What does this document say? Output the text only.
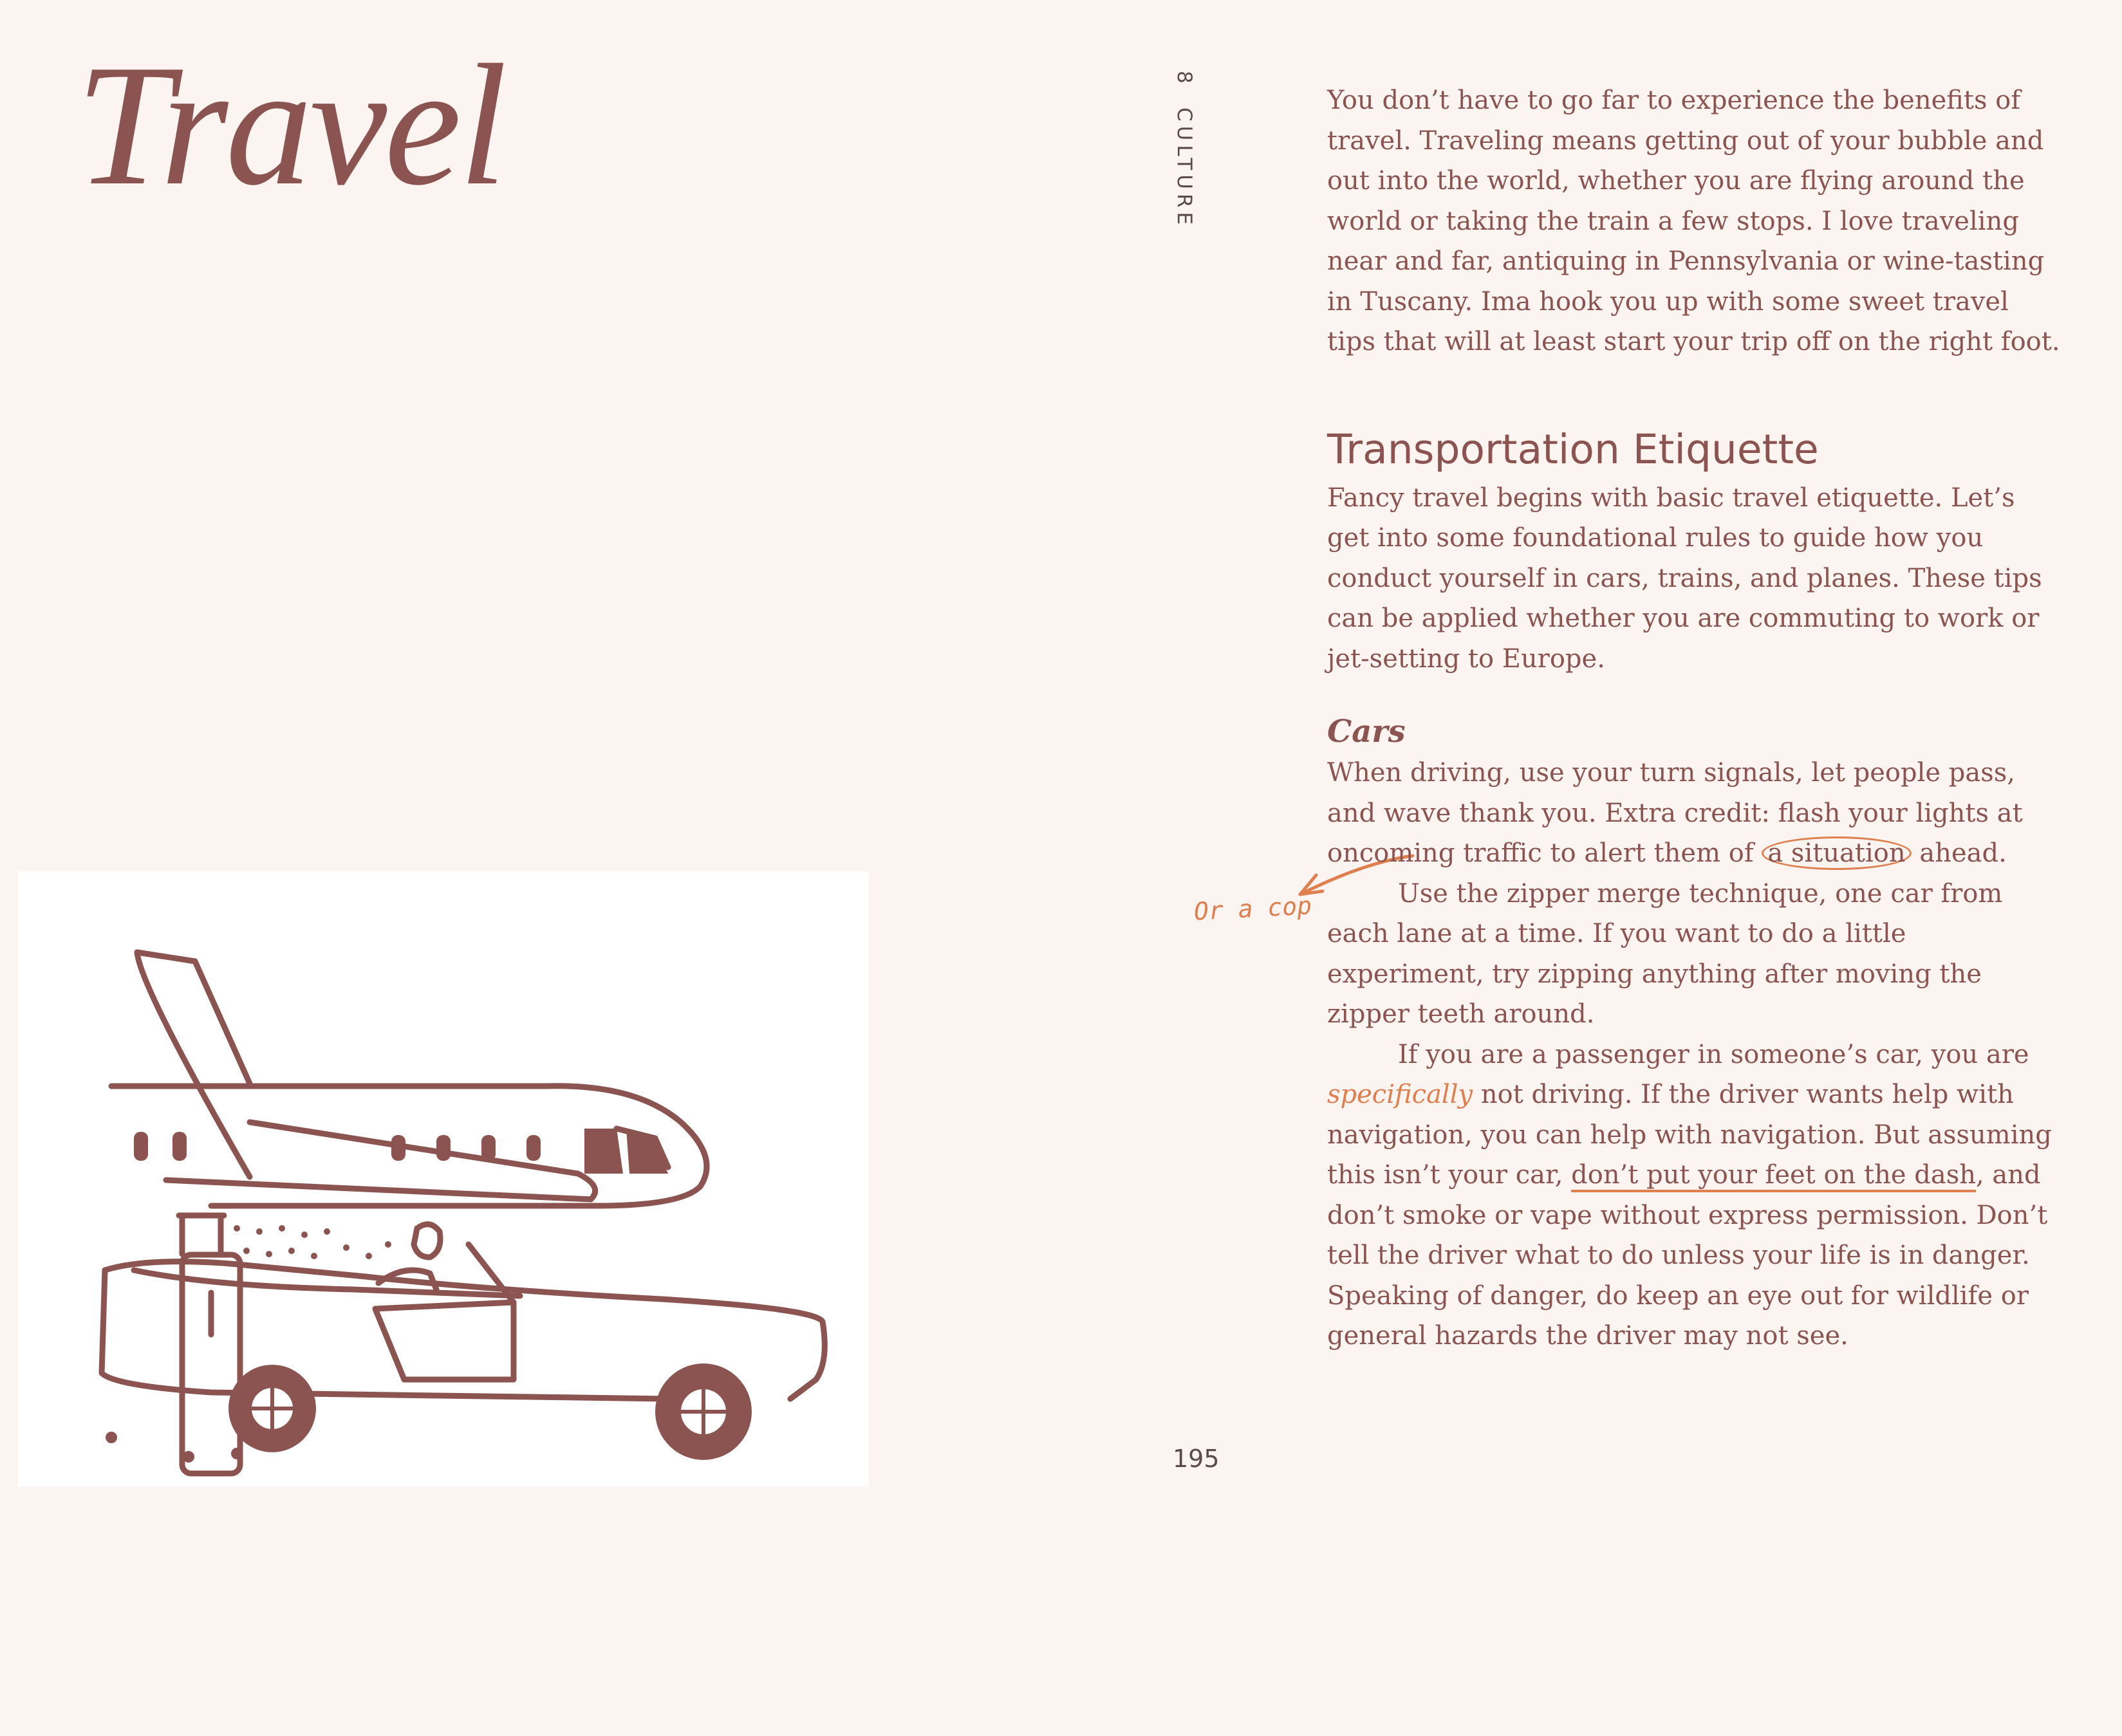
Travel	8
CULTURE
195
Or a cop

You don’t have to go far to experience the benefits of travel. Traveling means getting out of your bubble and out into the world, whether you are flying around the world or taking the train a few stops. I love traveling near and far, antiquing in Pennsylvania or wine-tasting in Tuscany. Ima hook you up with some sweet travel tips that will at least start your trip off on the right foot.

Transportation Etiquette

Fancy travel begins with basic travel etiquette. Let’s get into some foundational rules to guide how you conduct yourself in cars, trains, and planes. These tips can be applied whether you are commuting to work or jet-setting to Europe.

Cars

When driving, use your turn signals, let people pass, and wave thank you. Extra credit: flash your lights at oncoming traffic to alert them of a situation ahead.

Use the zipper merge technique, one car from each lane at a time. If you want to do a little experiment, try zipping anything after moving the zipper teeth around.

If you are a passenger in someone’s car, you are specifically not driving. If the driver wants help with navigation, you can help with navigation. But assuming this isn’t your car, don’t put your feet on the dash, and don’t smoke or vape without express permission. Don’t tell the driver what to do unless your life is in danger. Speaking of danger, do keep an eye out for wildlife or general hazards the driver may not see.
